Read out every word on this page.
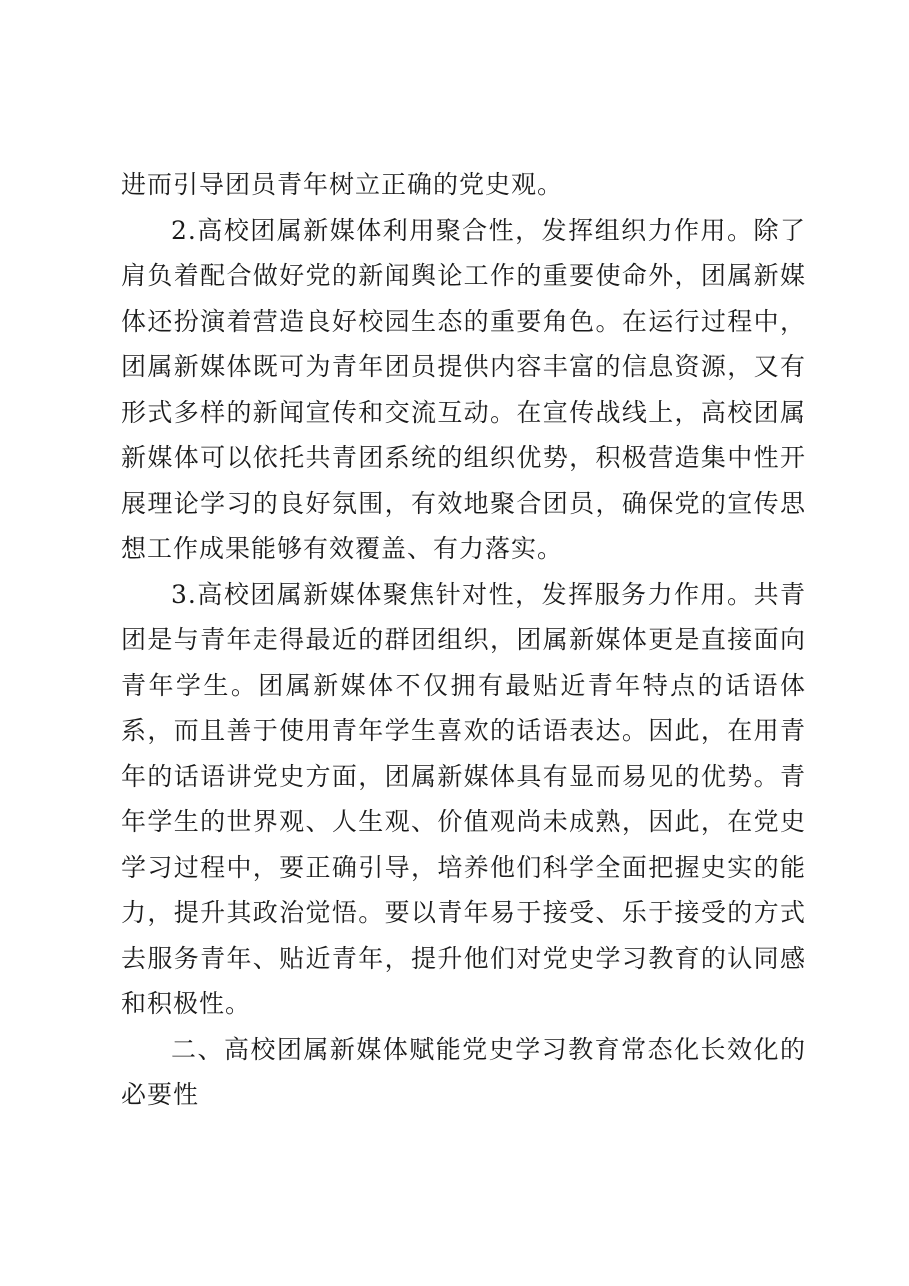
进而引导团员青年树立正确的党史观。

2.高校团属新媒体利用聚合性，发挥组织力作用。除了肩负着配合做好党的新闻舆论工作的重要使命外，团属新媒体还扮演着营造良好校园生态的重要角色。在运行过程中，团属新媒体既可为青年团员提供内容丰富的信息资源，又有形式多样的新闻宣传和交流互动。在宣传战线上，高校团属新媒体可以依托共青团系统的组织优势，积极营造集中性开展理论学习的良好氛围，有效地聚合团员，确保党的宣传思想工作成果能够有效覆盖、有力落实。

3.高校团属新媒体聚焦针对性，发挥服务力作用。共青团是与青年走得最近的群团组织，团属新媒体更是直接面向青年学生。团属新媒体不仅拥有最贴近青年特点的话语体系，而且善于使用青年学生喜欢的话语表达。因此，在用青年的话语讲党史方面，团属新媒体具有显而易见的优势。青年学生的世界观、人生观、价值观尚未成熟，因此，在党史学习过程中，要正确引导，培养他们科学全面把握史实的能力，提升其政治觉悟。要以青年易于接受、乐于接受的方式去服务青年、贴近青年，提升他们对党史学习教育的认同感和积极性。

二、高校团属新媒体赋能党史学习教育常态化长效化的必要性
